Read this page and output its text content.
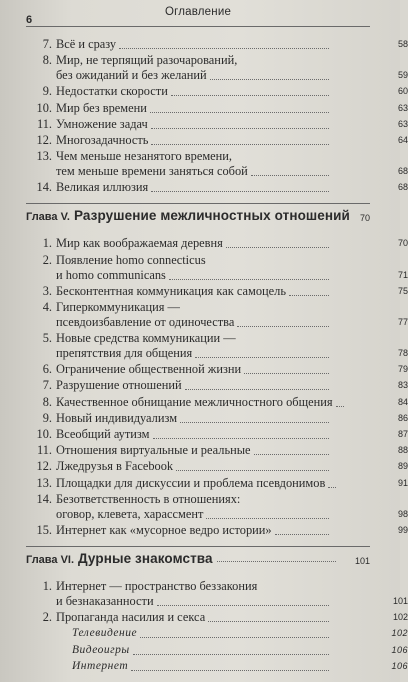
6
Оглавление
7. Всё и сразу	58
8. Мир, не терпящий разочарований,
без ожиданий и без желаний	59
9. Недостатки скорости	60
10. Мир без времени	63
11. Умножение задач	63
12. Многозадачность	64
13. Чем меньше незанятого времени,
тем меньше времени заняться собой	68
14. Великая иллюзия	68
Глава V. Разрушение межличностных отношений 70
1. Мир как воображаемая деревня	70
2. Появление homo connecticus
и homo communicans	71
3. Бесконтентная коммуникация как самоцель	75
4. Гиперкоммуникация —
псевдоизбавление от одиночества	77
5. Новые средства коммуникации —
препятствия для общения	78
6. Ограничение общественной жизни	79
7. Разрушение отношений	83
8. Качественное обнищание межличностного общения	84
9. Новый индивидуализм	86
10. Всеобщий аутизм	87
11. Отношения виртуальные и реальные	88
12. Лжедрузья в Facebook	89
13. Площадки для дискуссии и проблема псевдонимов	91
14. Безответственность в отношениях:
оговор, клевета, харассмент	98
15. Интернет как «мусорное ведро истории»	99
Глава VI. Дурные знакомства	101
1. Интернет — пространство беззакония
и безнаказанности	101
2. Пропаганда насилия и секса	102
Телевидение	102
Видеоигры	106
Интернет	106
